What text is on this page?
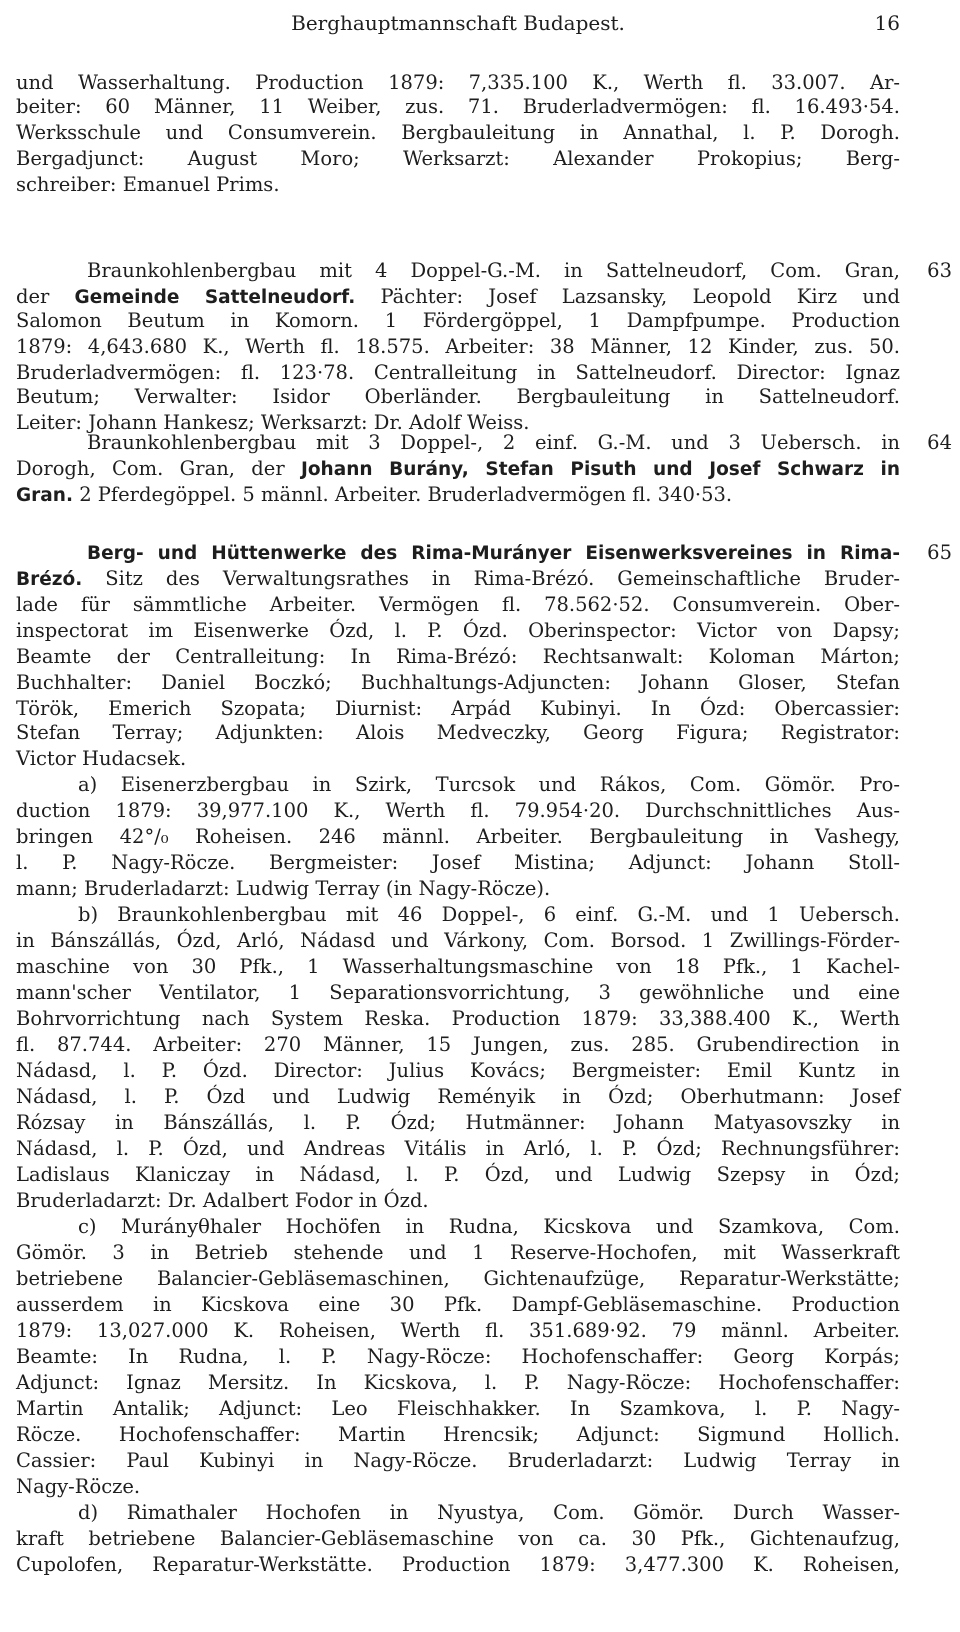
Berghauptmannschaft Budapest.	16
63
64
65
und Wasserhaltung. Production 1879: 7,335.100 K., Werth fl. 33.007. Ar-
beiter: 60 Männer, 11 Weiber, zus. 71. Bruderladvermögen: fl. 16.493·54.
Werksschule und Consumverein. Bergbauleitung in Annathal, l. P. Dorogh.
Bergadjunct: August Moro; Werksarzt: Alexander Prokopius; Berg-
schreiber: Emanuel Prims.
Braunkohlenbergbau mit 4 Doppel-G.-M. in Sattelneudorf, Com. Gran,
der Gemeinde Sattelneudorf. Pächter: Josef Lazsansky, Leopold Kirz und
Salomon Beutum in Komorn. 1 Fördergöppel, 1 Dampfpumpe. Production
1879: 4,643.680 K., Werth fl. 18.575. Arbeiter: 38 Männer, 12 Kinder, zus. 50.
Bruderladvermögen: fl. 123·78. Centralleitung in Sattelneudorf. Director: Ignaz
Beutum; Verwalter: Isidor Oberländer. Bergbauleitung in Sattelneudorf.
Leiter: Johann Hankesz; Werksarzt: Dr. Adolf Weiss.
Braunkohlenbergbau mit 3 Doppel-, 2 einf. G.-M. und 3 Uebersch. in
Dorogh, Com. Gran, der Johann Burány, Stefan Pisuth und Josef Schwarz in
Gran. 2 Pferdegöppel. 5 männl. Arbeiter. Bruderladvermögen fl. 340·53.
Berg- und Hüttenwerke des Rima-Murányer Eisenwerksvereines in Rima-
Brézó. Sitz des Verwaltungsrathes in Rima-Brézó. Gemeinschaftliche Bruder-
lade für sämmtliche Arbeiter. Vermögen fl. 78.562·52. Consumverein. Ober-
inspectorat im Eisenwerke Ózd, l. P. Ózd. Oberinspector: Victor von Dapsy;
Beamte der Centralleitung: In Rima-Brézó: Rechtsanwalt: Koloman Márton;
Buchhalter: Daniel Boczkó; Buchhaltungs-Adjuncten: Johann Gloser, Stefan
Török, Emerich Szopata; Diurnist: Arpád Kubinyi. In Ózd: Obercassier:
Stefan Terray; Adjunkten: Alois Medveczky, Georg Figura; Registrator:
Victor Hudacsek.
a) Eisenerzbergbau in Szirk, Turcsok und Rákos, Com. Gömör. Pro-
duction 1879: 39,977.100 K., Werth fl. 79.954·20. Durchschnittliches Aus-
bringen 42°/₀ Roheisen. 246 männl. Arbeiter. Bergbauleitung in Vashegy,
l. P. Nagy-Röcze. Bergmeister: Josef Mistina; Adjunct: Johann Stoll-
mann; Bruderladarzt: Ludwig Terray (in Nagy-Röcze).
b) Braunkohlenbergbau mit 46 Doppel-, 6 einf. G.-M. und 1 Uebersch.
in Bánszállás, Ózd, Arló, Nádasd und Várkony, Com. Borsod. 1 Zwillings-Förder-
maschine von 30 Pfk., 1 Wasserhaltungsmaschine von 18 Pfk., 1 Kachel-
mann'scher Ventilator, 1 Separationsvorrichtung, 3 gewöhnliche und eine
Bohrvorrichtung nach System Reska. Production 1879: 33,388.400 K., Werth
fl. 87.744. Arbeiter: 270 Männer, 15 Jungen, zus. 285. Grubendirection in
Nádasd, l. P. Ózd. Director: Julius Kovács; Bergmeister: Emil Kuntz in
Nádasd, l. P. Ózd und Ludwig Reményik in Ózd; Oberhutmann: Josef
Rózsay in Bánszállás, l. P. Ózd; Hutmänner: Johann Matyasovszky in
Nádasd, l. P. Ózd, und Andreas Vitális in Arló, l. P. Ózd; Rechnungsführer:
Ladislaus Klaniczay in Nádasd, l. P. Ózd, und Ludwig Szepsy in Ózd;
Bruderladarzt: Dr. Adalbert Fodor in Ózd.
c) Murányθhaler Hochöfen in Rudna, Kicskova und Szamkova, Com.
Gömör. 3 in Betrieb stehende und 1 Reserve-Hochofen, mit Wasserkraft
betriebene Balancier-Gebläsemaschinen, Gichtenaufzüge, Reparatur-Werkstätte;
ausserdem in Kicskova eine 30 Pfk. Dampf-Gebläsemaschine. Production
1879: 13,027.000 K. Roheisen, Werth fl. 351.689·92. 79 männl. Arbeiter.
Beamte: In Rudna, l. P. Nagy-Röcze: Hochofenschaffer: Georg Korpás;
Adjunct: Ignaz Mersitz. In Kicskova, l. P. Nagy-Röcze: Hochofenschaffer:
Martin Antalik; Adjunct: Leo Fleischhakker. In Szamkova, l. P. Nagy-
Röcze. Hochofenschaffer: Martin Hrencsik; Adjunct: Sigmund Hollich.
Cassier: Paul Kubinyi in Nagy-Röcze. Bruderladarzt: Ludwig Terray in
Nagy-Röcze.
d) Rimathaler Hochofen in Nyustya, Com. Gömör. Durch Wasser-
kraft betriebene Balancier-Gebläsemaschine von ca. 30 Pfk., Gichtenaufzug,
Cupolofen, Reparatur-Werkstätte. Production 1879: 3,477.300 K. Roheisen,
